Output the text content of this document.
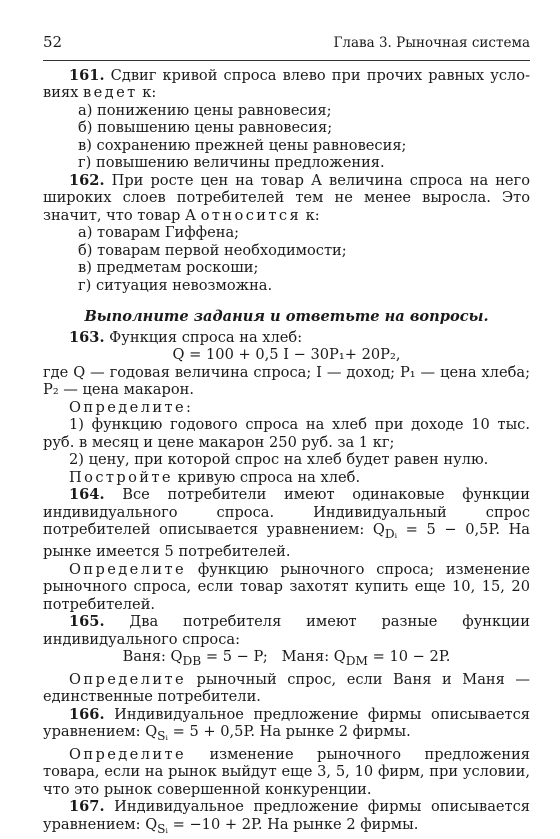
52	Глава 3. Рыночная система

161. Сдвиг кривой спроса влево при прочих равных усло- виях ведет к:

а) понижению цены равновесия;

б) повышению цены равновесия;

в) сохранению прежней цены равновесия;

г) повышению величины предложения.

162. При росте цен на товар А величина спроса на него широких слоев потребителей тем не менее выросла. Это значит, что товар А относится к:

а) товарам Гиффена;

б) товарам первой необходимости;

в) предметам роскоши;

г) ситуация невозможна.

Выполните задания и ответьте на вопросы.

163. Функция спроса на хлеб:

Q = 100 + 0,5 I − 30P₁+ 20P₂,

где Q — годовая величина спроса; I — доход; P₁ — цена хлеба; P₂ — цена макарон.

Определите:

1) функцию годового спроса на хлеб при доходе 10 тыс. руб. в месяц и цене макарон 250 руб. за 1 кг;

2) цену, при которой спрос на хлеб будет равен нулю.

Постройте кривую спроса на хлеб.

164. Все потребители имеют одинаковые функции индивидуального спроса. Индивидуальный спрос потребителей описывается уравнением: $Q_{Dᵢ} = 5 - 0,5P$. На рынке имеется 5 потребителей.

Определите функцию рыночного спроса; изменение рыночного спроса, если товар захотят купить еще 10, 15, 20 потребителей.

165. Два потребителя имеют разные функции индивидуального спроса:

Ваня: $Q_{DB} = 5 - P$; Маня: $Q_{DM} = 10 - 2P$.

Определите рыночный спрос, если Ваня и Маня — единственные потребители.

166. Индивидуальное предложение фирмы описывается уравнением: $Q_{Sᵢ} = 5 + 0,5P$. На рынке 2 фирмы.

Определите изменение рыночного предложения товара, если на рынок выйдут еще 3, 5, 10 фирм, при условии, что это рынок совершенной конкуренции.

167. Индивидуальное предложение фирмы описывается уравнением: $Q_{Sᵢ} = -10 + 2P$. На рынке 2 фирмы.
